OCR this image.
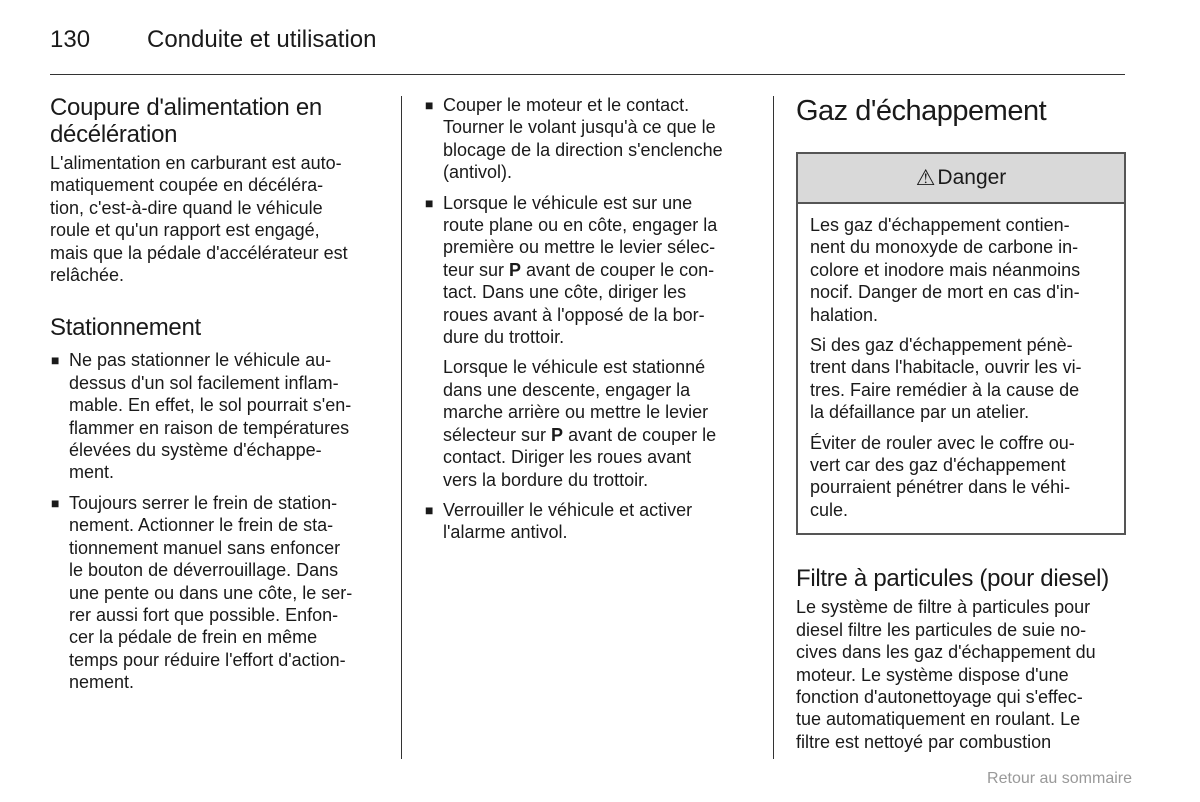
130 Conduite et utilisation
Coupure d'alimentation en
décélération

L'alimentation en carburant est auto-
matiquement coupée en décéléra-
tion, c'est-à-dire quand le véhicule
roule et qu'un rapport est engagé,
mais que la pédale d'accélérateur est
relâchée.

Stationnement
■ Ne pas stationner le véhicule au-
dessus d'un sol facilement inflam-
mable. En effet, le sol pourrait s'en-
flammer en raison de températures
élevées du système d'échappe-
ment.
■ Toujours serrer le frein de station-
nement. Actionner le frein de sta-
tionnement manuel sans enfoncer
le bouton de déverrouillage. Dans
une pente ou dans une côte, le ser-
rer aussi fort que possible. Enfon-
cer la pédale de frein en même
temps pour réduire l'effort d'action-
nement.
■ Couper le moteur et le contact.
Tourner le volant jusqu'à ce que le
blocage de la direction s'enclenche
(antivol).
■ Lorsque le véhicule est sur une
route plane ou en côte, engager la
première ou mettre le levier sélec-
teur sur P avant de couper le con-
tact. Dans une côte, diriger les
roues avant à l'opposé de la bor-
dure du trottoir.

Lorsque le véhicule est stationné
dans une descente, engager la
marche arrière ou mettre le levier
sélecteur sur P avant de couper le
contact. Diriger les roues avant
vers la bordure du trottoir.

■ Verrouiller le véhicule et activer
l'alarme antivol.
Gaz d'échappement
⚠ Danger

Les gaz d'échappement contien-
nent du monoxyde de carbone in-
colore et inodore mais néanmoins
nocif. Danger de mort en cas d'in-
halation.

Si des gaz d'échappement pénè-
trent dans l'habitacle, ouvrir les vi-
tres. Faire remédier à la cause de
la défaillance par un atelier.

Éviter de rouler avec le coffre ou-
vert car des gaz d'échappement
pourraient pénétrer dans le véhi-
cule.

Filtre à particules (pour diesel)

Le système de filtre à particules pour
diesel filtre les particules de suie no-
cives dans les gaz d'échappement du
moteur. Le système dispose d'une
fonction d'autonettoyage qui s'effec-
tue automatiquement en roulant. Le
filtre est nettoyé par combustion

Retour au sommaire
